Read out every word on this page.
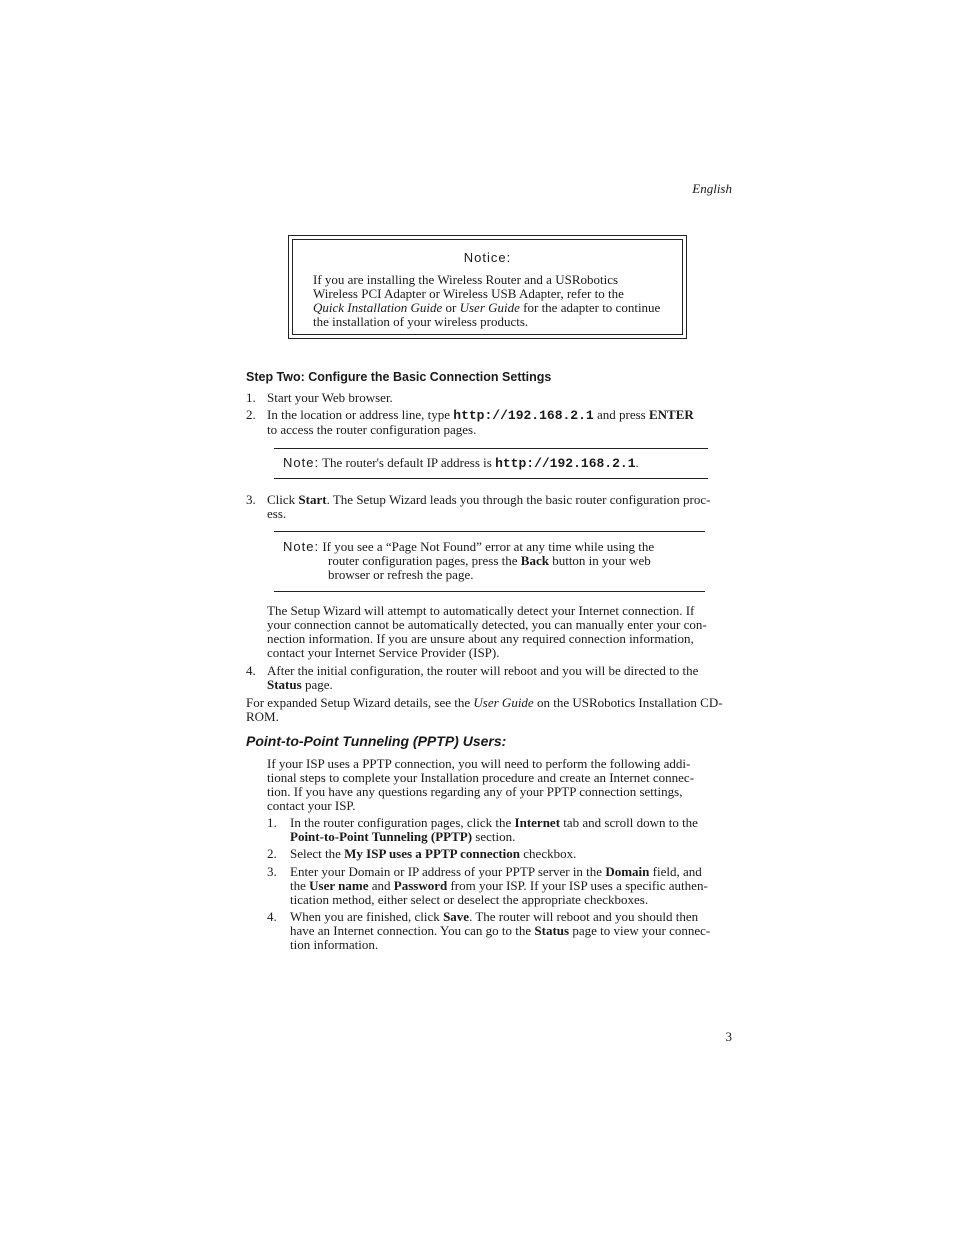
English
Notice:
If you are installing the Wireless Router and a USRobotics
Wireless PCI Adapter or Wireless USB Adapter, refer to the
Quick Installation Guide or User Guide for the adapter to continue
the installation of your wireless products.
Step Two: Configure the Basic Connection Settings
1. Start your Web browser.
2. In the location or address line, type http://192.168.2.1 and press ENTER
to access the router configuration pages.
Note: The router's default IP address is http://192.168.2.1.
3. Click Start. The Setup Wizard leads you through the basic router configuration proc-
ess.
Note: If you see a “Page Not Found” error at any time while using the
router configuration pages, press the Back button in your web
browser or refresh the page.
The Setup Wizard will attempt to automatically detect your Internet connection. If
your connection cannot be automatically detected, you can manually enter your con-
nection information. If you are unsure about any required connection information,
contact your Internet Service Provider (ISP).
4. After the initial configuration, the router will reboot and you will be directed to the
Status page.
For expanded Setup Wizard details, see the User Guide on the USRobotics Installation CD-
ROM.
Point-to-Point Tunneling (PPTP) Users:
If your ISP uses a PPTP connection, you will need to perform the following addi-
tional steps to complete your Installation procedure and create an Internet connec-
tion. If you have any questions regarding any of your PPTP connection settings,
contact your ISP.
1. In the router configuration pages, click the Internet tab and scroll down to the
Point-to-Point Tunneling (PPTP) section.
2. Select the My ISP uses a PPTP connection checkbox.
3. Enter your Domain or IP address of your PPTP server in the Domain field, and
the User name and Password from your ISP. If your ISP uses a specific authen-
tication method, either select or deselect the appropriate checkboxes.
4. When you are finished, click Save. The router will reboot and you should then
have an Internet connection. You can go to the Status page to view your connec-
tion information.
3
